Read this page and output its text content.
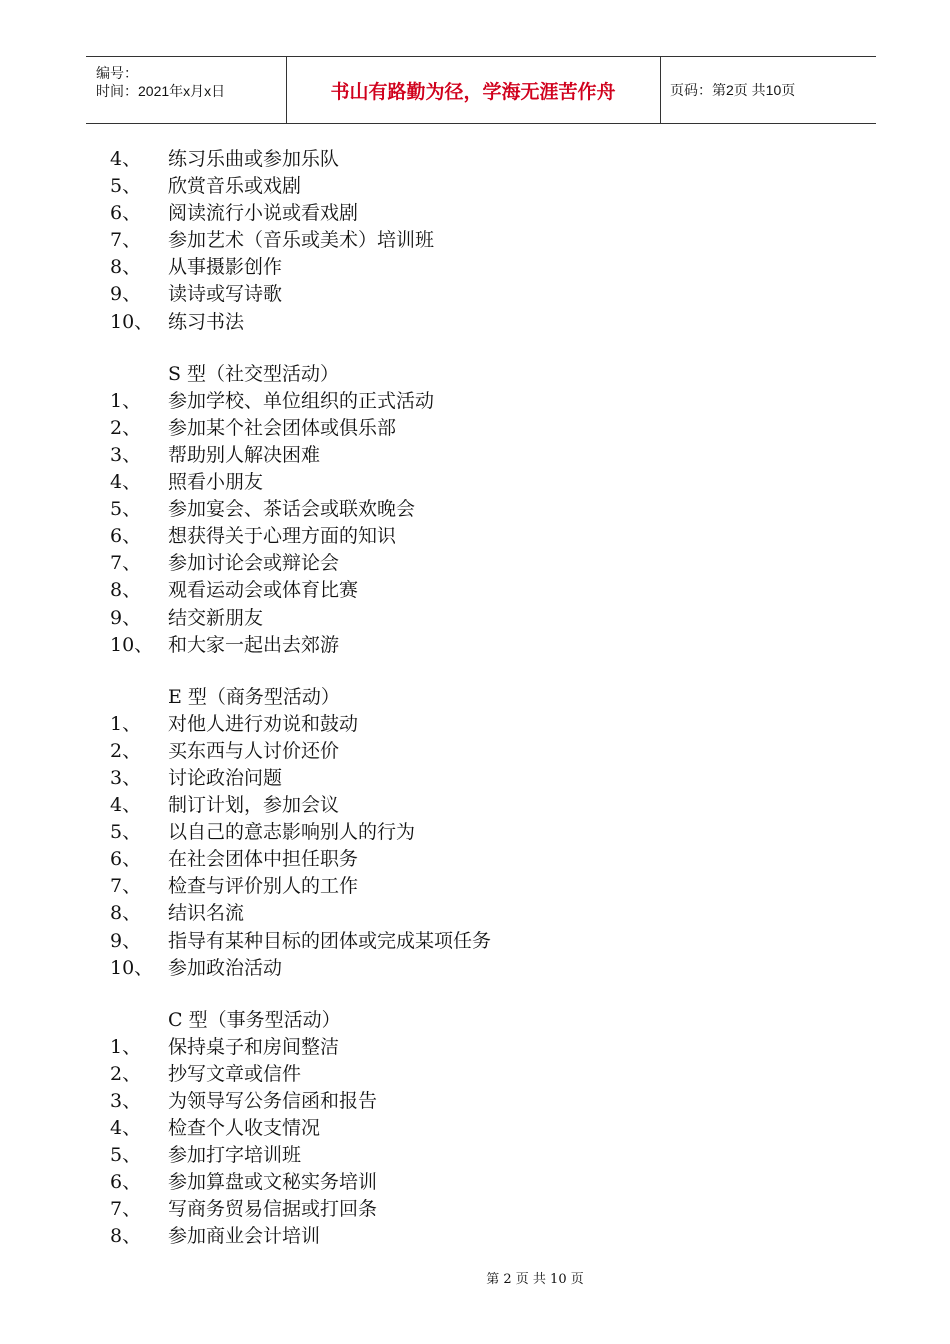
编号：
时间：2021年x月x日	书山有路勤为径，学海无涯苦作舟	页码：第2页 共10页
4、 练习乐曲或参加乐队
5、 欣赏音乐或戏剧
6、 阅读流行小说或看戏剧
7、 参加艺术（音乐或美术）培训班
8、 从事摄影创作
9、 读诗或写诗歌
10、 练习书法
S 型（社交型活动）
1、 参加学校、单位组织的正式活动
2、 参加某个社会团体或俱乐部
3、 帮助别人解决困难
4、 照看小朋友
5、 参加宴会、茶话会或联欢晚会
6、 想获得关于心理方面的知识
7、 参加讨论会或辩论会
8、 观看运动会或体育比赛
9、 结交新朋友
10、 和大家一起出去郊游
E 型（商务型活动）
1、 对他人进行劝说和鼓动
2、 买东西与人讨价还价
3、 讨论政治问题
4、 制订计划，参加会议
5、 以自己的意志影响别人的行为
6、 在社会团体中担任职务
7、 检查与评价别人的工作
8、 结识名流
9、 指导有某种目标的团体或完成某项任务
10、 参加政治活动
C 型（事务型活动）
1、 保持桌子和房间整洁
2、 抄写文章或信件
3、 为领导写公务信函和报告
4、 检查个人收支情况
5、 参加打字培训班
6、 参加算盘或文秘实务培训
7、 写商务贸易信据或打回条
8、 参加商业会计培训
第 2 页 共 10 页
